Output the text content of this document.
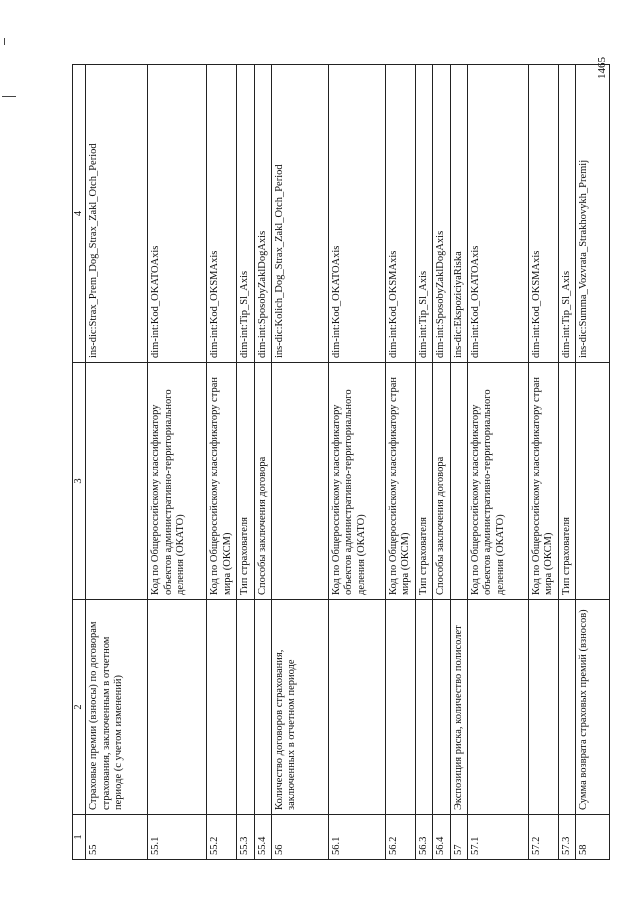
1465
1	2	3	4
55	Страховые премии (взносы) по договорам страхования, заключенным в отчетном периоде (с учетом изменений)		ins-dic:Strax_Prem_Dog_Strax_Zakl_Otch_Period
55.1		Код по Общероссийскому классификатору объектов административно-территориального деления (ОКАТО)	dim-int:Kod_OKATOAxis
55.2		Код по Общероссийскому классификатору стран мира (ОКСМ)	dim-int:Kod_OKSMAxis
55.3		Тип страхователя	dim-int:Tip_Sl_Axis
55.4		Способы заключения договора	dim-int:SposobyZaklDogAxis
56	Количество договоров страхования, заключенных в отчетном периоде		ins-dic:Kolich_Dog_Strax_Zakl_Otch_Period
56.1		Код по Общероссийскому классификатору объектов административно-территориального деления (ОКАТО)	dim-int:Kod_OKATOAxis
56.2		Код по Общероссийскому классификатору стран мира (ОКСМ)	dim-int:Kod_OKSMAxis
56.3		Тип страхователя	dim-int:Tip_Sl_Axis
56.4		Способы заключения договора	dim-int:SposobyZaklDogAxis
57	Экспозиция риска, количество полисолет		ins-dic:EkspoziciyaRiska
57.1		Код по Общероссийскому классификатору объектов административно-территориального деления (ОКАТО)	dim-int:Kod_OKATOAxis
57.2		Код по Общероссийскому классификатору стран мира (ОКСМ)	dim-int:Kod_OKSMAxis
57.3		Тип страхователя	dim-int:Tip_Sl_Axis
58	Сумма возврата страховых премий (взносов)		ins-dic:Summa_Vozvrata_Strakhovykh_Premij
